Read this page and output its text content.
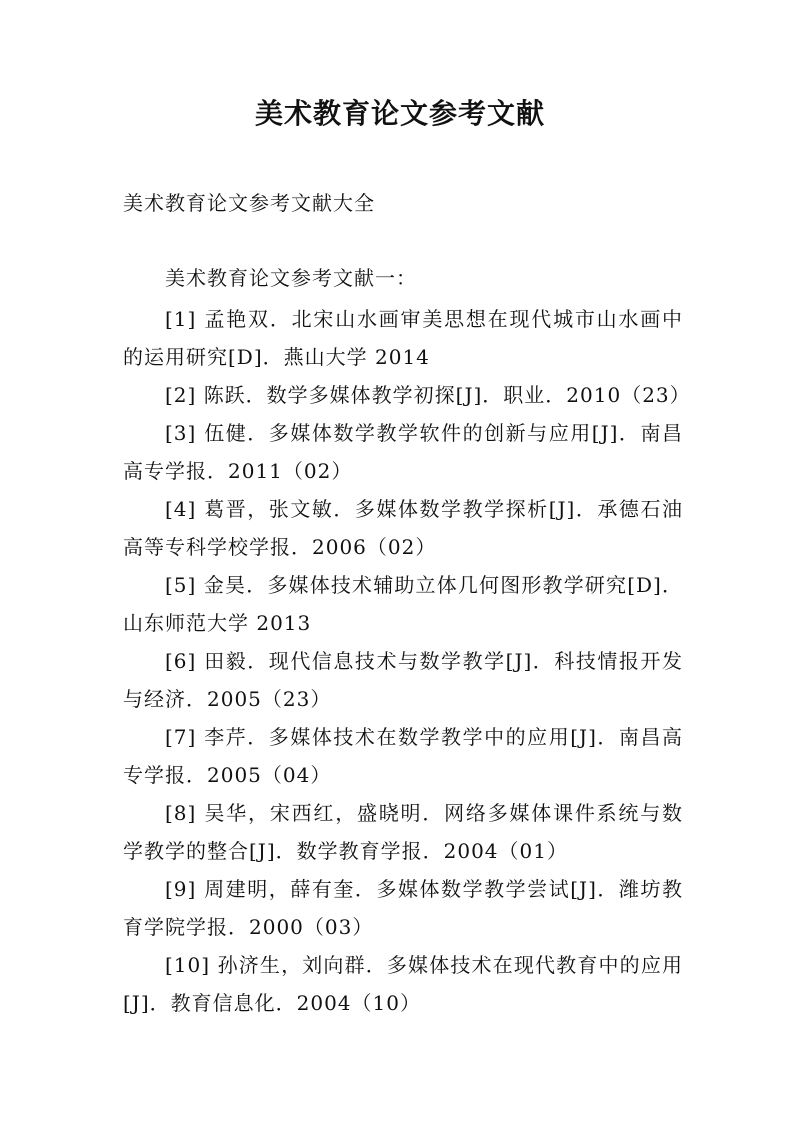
美术教育论文参考文献
美术教育论文参考文献大全
美术教育论文参考文献一：

[1] 孟艳双．北宋山水画审美思想在现代城市山水画中的运用研究[D]．燕山大学 2014

[2] 陈跃．数学多媒体教学初探[J]．职业．2010（23）

[3] 伍健．多媒体数学教学软件的创新与应用[J]．南昌高专学报．2011（02）

[4] 葛晋，张文敏．多媒体数学教学探析[J]．承德石油高等专科学校学报．2006（02）

[5] 金昊．多媒体技术辅助立体几何图形教学研究[D]．山东师范大学 2013

[6] 田毅．现代信息技术与数学教学[J]．科技情报开发与经济．2005（23）

[7] 李芹．多媒体技术在数学教学中的应用[J]．南昌高专学报．2005（04）

[8] 吴华，宋西红，盛晓明．网络多媒体课件系统与数学教学的整合[J]．数学教育学报．2004（01）

[9] 周建明，薛有奎．多媒体数学教学尝试[J]．潍坊教育学院学报．2000（03）

[10] 孙济生，刘向群．多媒体技术在现代教育中的应用[J]．教育信息化．2004（10）
